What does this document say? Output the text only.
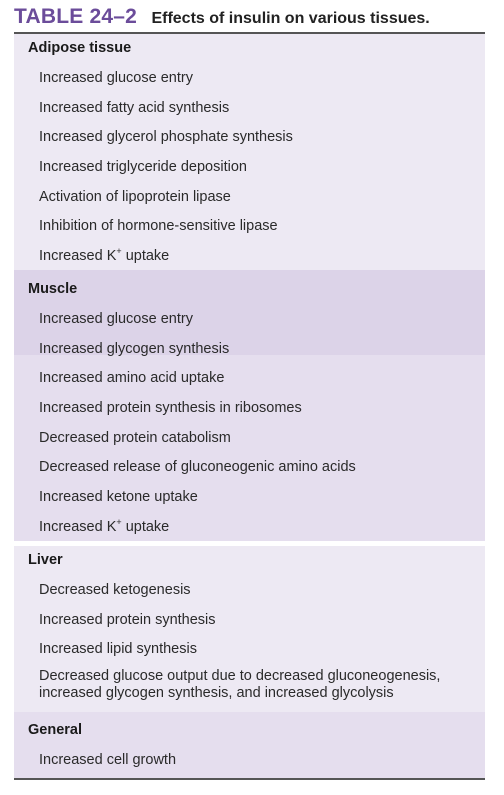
TABLE 24–2 Effects of insulin on various tissues.
Adipose tissue
Increased glucose entry
Increased fatty acid synthesis
Increased glycerol phosphate synthesis
Increased triglyceride deposition
Activation of lipoprotein lipase
Inhibition of hormone-sensitive lipase
Increased K+ uptake
Muscle
Increased glucose entry
Increased glycogen synthesis
Increased amino acid uptake
Increased protein synthesis in ribosomes
Decreased protein catabolism
Decreased release of gluconeogenic amino acids
Increased ketone uptake
Increased K+ uptake
Liver
Decreased ketogenesis
Increased protein synthesis
Increased lipid synthesis
Decreased glucose output due to decreased gluconeogenesis, increased glycogen synthesis, and increased glycolysis
General
Increased cell growth
